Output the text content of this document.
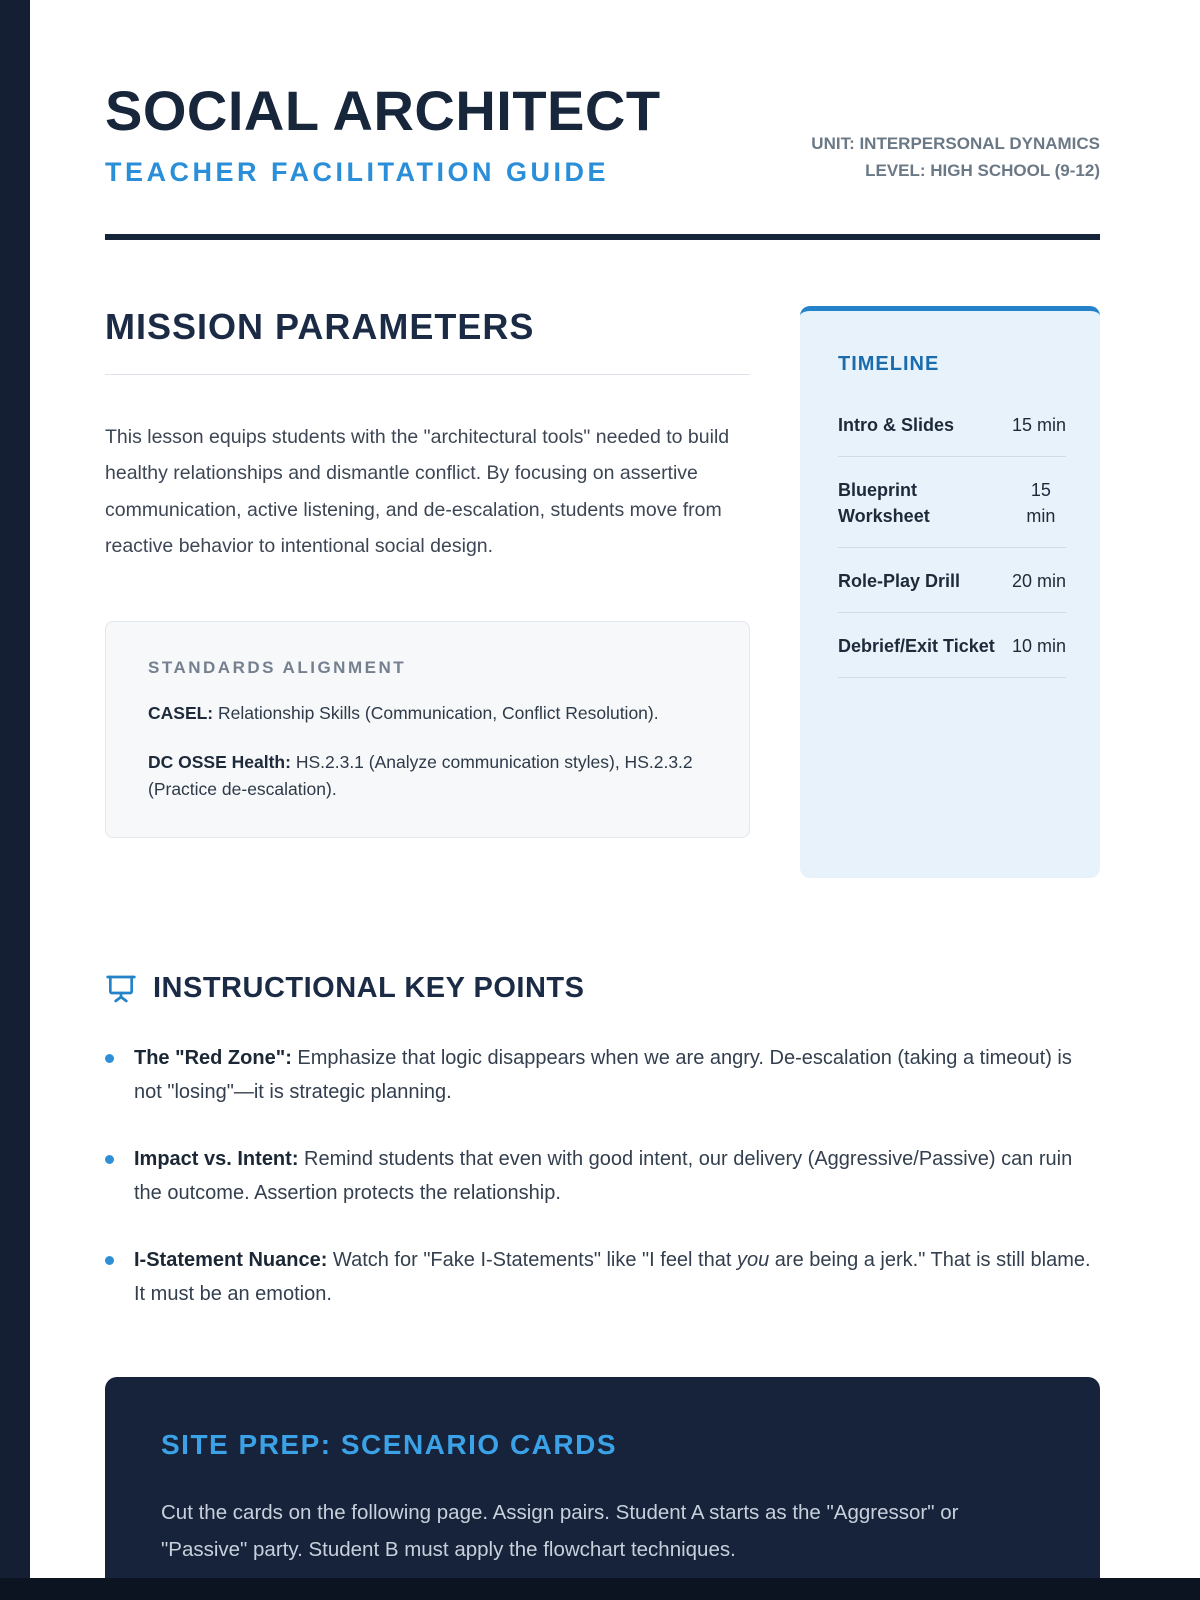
SOCIAL ARCHITECT
TEACHER FACILITATION GUIDE
UNIT: INTERPERSONAL DYNAMICS
LEVEL: HIGH SCHOOL (9-12)
MISSION PARAMETERS

This lesson equips students with the "architectural tools" needed to build healthy relationships and dismantle conflict. By focusing on assertive communication, active listening, and de-escalation, students move from reactive behavior to intentional social design.

STANDARDS ALIGNMENT

CASEL: Relationship Skills (Communication, Conflict Resolution).

DC OSSE Health: HS.2.3.1 (Analyze communication styles), HS.2.3.2 (Practice de-escalation).

TIMELINE
Intro & Slides	15 min
Blueprint Worksheet
15 min
Role-Play Drill	20 min
Debrief/Exit Ticket 10 min
INSTRUCTIONAL KEY POINTS
The "Red Zone": Emphasize that logic disappears when we are angry. De-escalation (taking a timeout) is not "losing"—it is strategic planning.
Impact vs. Intent: Remind students that even with good intent, our delivery (Aggressive/Passive) can ruin the outcome. Assertion protects the relationship.
I-Statement Nuance: Watch for "Fake I-Statements" like "I feel that you are being a jerk." That is still blame. It must be an emotion.
SITE PREP: SCENARIO CARDS

Cut the cards on the following page. Assign pairs. Student A starts as the "Aggressor" or "Passive" party. Student B must apply the flowchart techniques.
